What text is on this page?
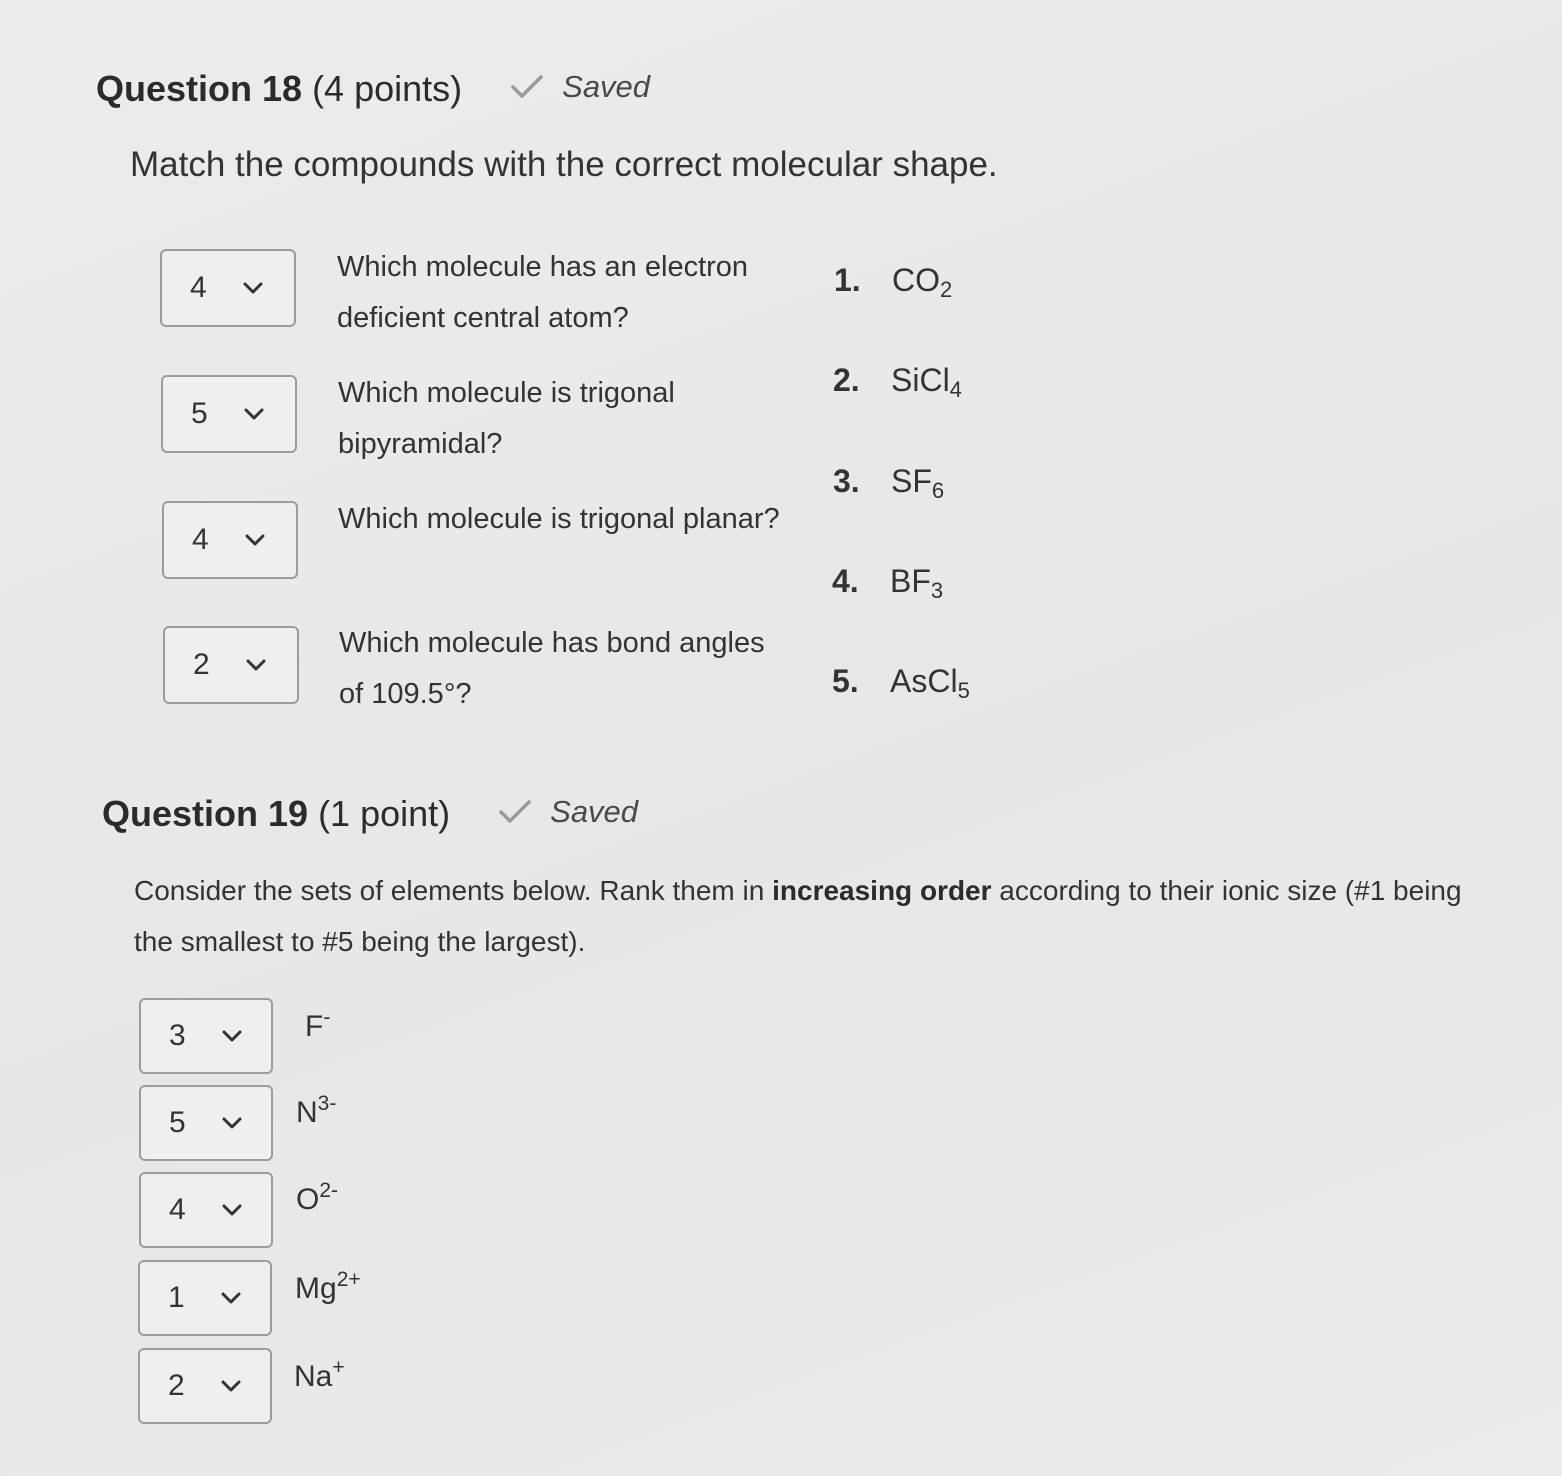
Question 18 (4 points)	Saved
Match the compounds with the correct molecular shape.
4
5
4
2
Which molecule has an electron deficient central atom?
Which molecule is trigonal bipyramidal?
Which molecule is trigonal planar?
Which molecule has bond angles of 109.5°?
1. $CO_2$
2. SiCl$_4$
3. $SF_6$
4. $BF_3$
5. AsCl$_5$
Question 19 (1 point)	Saved
Consider the sets of elements below. Rank them in increasing order according to their ionic size (#1 being the smallest to #5 being the largest).
3
5
4
1
2
F-
$N^{3-}$
$O^{2-}$
$Mg^{2+}$
Na+
